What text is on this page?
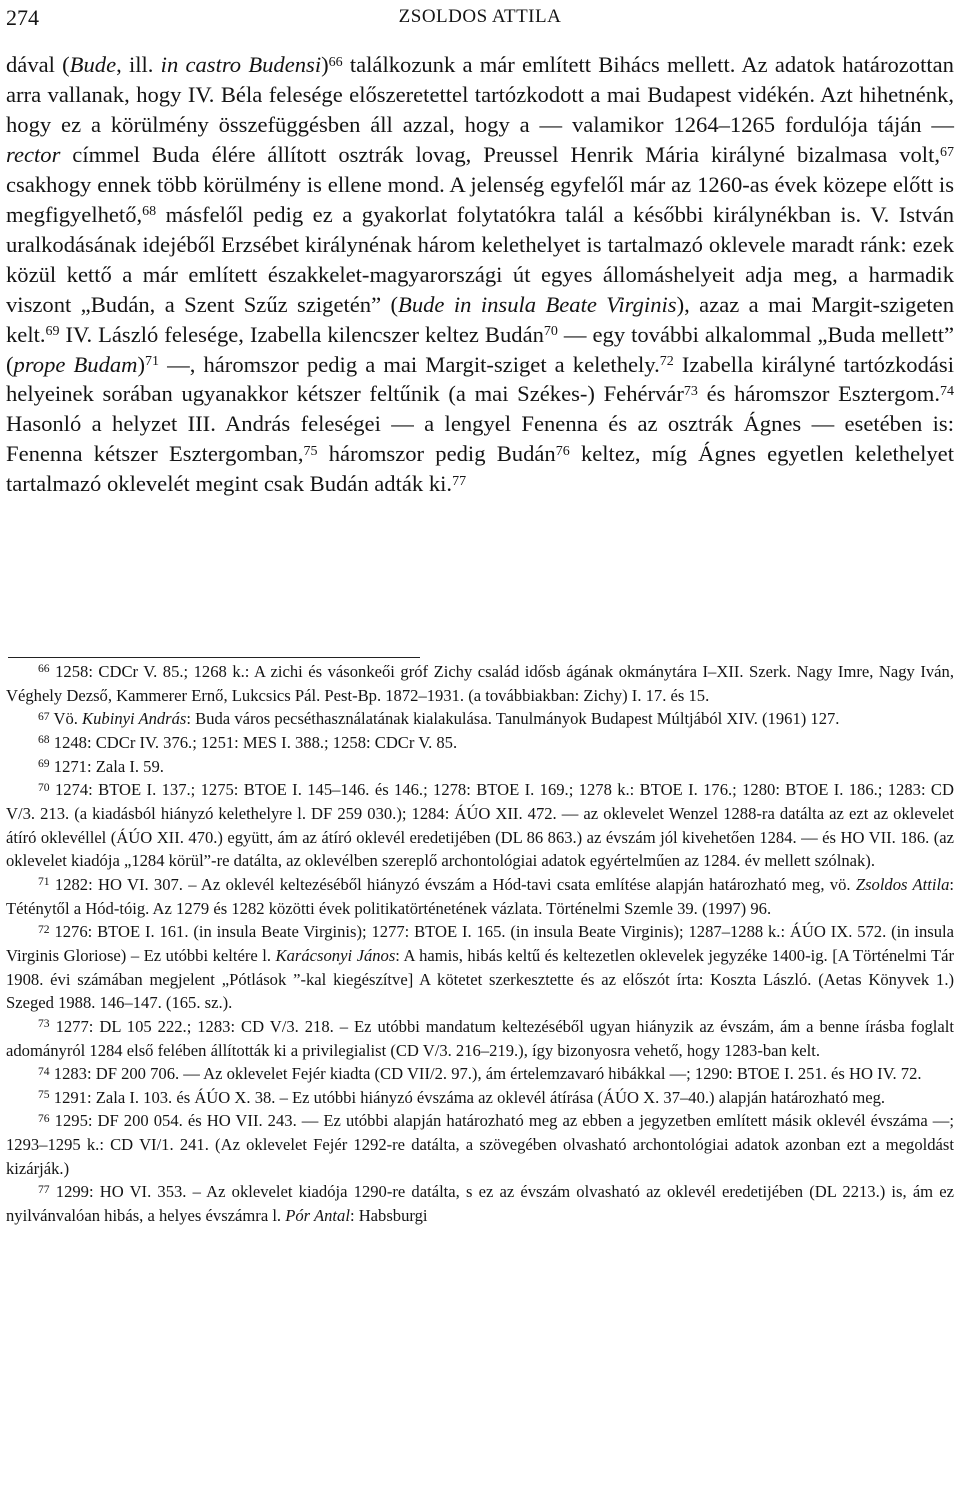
274	ZSOLDOS ATTILA

dával (Bude, ill. in castro Budensi)$^{66}$ találkozunk a már említett Bihács mellett. Az adatok határozottan arra vallanak, hogy IV. Béla felesége előszeretettel tartózkodott a mai Budapest vidékén. Azt hihetnénk, hogy ez a körülmény összefüggésben áll azzal, hogy a — valamikor 1264–1265 fordulója táján — rector címmel Buda élére állított osztrák lovag, Preussel Henrik Mária királyné bizalmasa volt,$^{67}$ csakhogy ennek több körülmény is ellene mond. A jelenség egyfelől már az 1260-as évek közepe előtt is megfigyelhető,$^{68}$ másfelől pedig ez a gyakorlat folytatókra talál a későbbi királynékban is. V. István uralkodásának idejéből Erzsébet királynénak három kelethelyet is tartalmazó oklevele maradt ránk: ezek közül kettő a már említett északkelet-magyarországi út egyes állomáshelyeit adja meg, a harmadik viszont „Budán, a Szent Szűz szigetén” (Bude in insula Beate Virginis), azaz a mai Margit-szigeten kelt.$^{69}$ IV. László felesége, Izabella kilencszer keltez Budán$^{70}$ — egy további alkalommal „Buda mellett” (prope Budam)$^{71}$ —, háromszor pedig a mai Margit-sziget a kelethely.$^{72}$ Izabella királyné tartózkodási helyeinek sorában ugyanakkor kétszer feltűnik (a mai Székes-) Fehérvár$^{73}$ és háromszor Esztergom.$^{74}$ Hasonló a helyzet III. András feleségei — a lengyel Fenenna és az osztrák Ágnes — esetében is: Fenenna kétszer Esztergomban,$^{75}$ háromszor pedig Budán$^{76}$ keltez, míg Ágnes egyetlen kelethelyet tartalmazó oklevelét megint csak Budán adták ki.$^{77}$

$^{66}$ 1258: CDCr V. 85.; 1268 k.: A zichi és vásonkeői gróf Zichy család idősb ágának okmánytára I–XII. Szerk. Nagy Imre, Nagy Iván, Véghely Dezső, Kammerer Ernő, Lukcsics Pál. Pest-Bp. 1872–1931. (a továbbiakban: Zichy) I. 17. és 15.

$^{67}$ Vö. Kubinyi András: Buda város pecséthasználatának kialakulása. Tanulmányok Budapest Múltjából XIV. (1961) 127.

$^{68}$ 1248: CDCr IV. 376.; 1251: MES I. 388.; 1258: CDCr V. 85.

$^{69}$ 1271: Zala I. 59.

$^{70}$ 1274: BTOE I. 137.; 1275: BTOE I. 145–146. és 146.; 1278: BTOE I. 169.; 1278 k.: BTOE I. 176.; 1280: BTOE I. 186.; 1283: CD V/3. 213. (a kiadásból hiányzó kelethelyre l. DF 259 030.); 1284: ÁÚO XII. 472. — az oklevelet Wenzel 1288-ra datálta az ezt az oklevelet átíró oklevéllel (ÁÚO XII. 470.) együtt, ám az átíró oklevél eredetijében (DL 86 863.) az évszám jól kivehetően 1284. — és HO VII. 186. (az oklevelet kiadója „1284 körül”-re datálta, az oklevélben szereplő archontológiai adatok egyértelműen az 1284. év mellett szólnak).

$^{71}$ 1282: HO VI. 307. – Az oklevél keltezéséből hiányzó évszám a Hód-tavi csata említése alapján határozható meg, vö. Zsoldos Attila: Téténytől a Hód-tóig. Az 1279 és 1282 közötti évek politikatörténetének vázlata. Történelmi Szemle 39. (1997) 96.

$^{72}$ 1276: BTOE I. 161. (in insula Beate Virginis); 1277: BTOE I. 165. (in insula Beate Virginis); 1287–1288 k.: ÁÚO IX. 572. (in insula Virginis Gloriose) – Ez utóbbi keltére l. Karácsonyi János: A hamis, hibás keltű és keltezetlen oklevelek jegyzéke 1400-ig. [A Történelmi Tár 1908. évi számában megjelent „Pótlások ”-kal kiegészítve] A kötetet szerkesztette és az előszót írta: Koszta László. (Aetas Könyvek 1.) Szeged 1988. 146–147. (165. sz.).

$^{73}$ 1277: DL 105 222.; 1283: CD V/3. 218. – Ez utóbbi mandatum keltezéséből ugyan hiányzik az évszám, ám a benne írásba foglalt adományról 1284 első felében állították ki a privilegialist (CD V/3. 216–219.), így bizonyosra vehető, hogy 1283-ban kelt.

$^{74}$ 1283: DF 200 706. — Az oklevelet Fejér kiadta (CD VII/2. 97.), ám értelemzavaró hibákkal —; 1290: BTOE I. 251. és HO IV. 72.

$^{75}$ 1291: Zala I. 103. és ÁÚO X. 38. – Ez utóbbi hiányzó évszáma az oklevél átírása (ÁÚO X. 37–40.) alapján határozható meg.

$^{76}$ 1295: DF 200 054. és HO VII. 243. — Ez utóbbi alapján határozható meg az ebben a jegyzetben említett másik oklevél évszáma —; 1293–1295 k.: CD VI/1. 241. (Az oklevelet Fejér 1292-re datálta, a szövegében olvasható archontológiai adatok azonban ezt a megoldást kizárják.)

$^{77}$ 1299: HO VI. 353. – Az oklevelet kiadója 1290-re datálta, s ez az évszám olvasható az oklevél eredetijében (DL 2213.) is, ám ez nyilvánvalóan hibás, a helyes évszámra l. Pór Antal: Habsburgi
